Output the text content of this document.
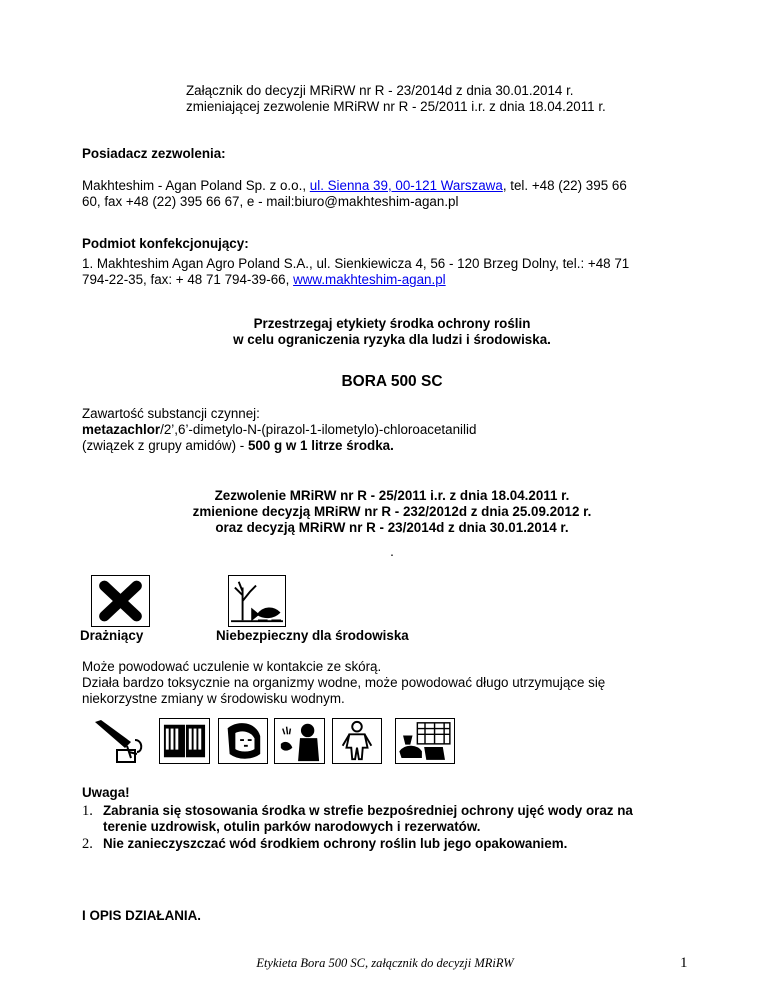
Załącznik do decyzji MRiRW nr R - 23/2014d z dnia 30.01.2014 r.
zmieniającej zezwolenie MRiRW nr R - 25/2011 i.r. z dnia 18.04.2011 r.
Posiadacz zezwolenia:
Makhteshim - Agan Poland Sp. z o.o., ul. Sienna 39, 00-121 Warszawa, tel. +48 (22) 395 66
60, fax +48 (22) 395 66 67, e - mail:biuro@makhteshim-agan.pl
Podmiot konfekcjonujący:
1. Makhteshim Agan Agro Poland S.A., ul. Sienkiewicza 4, 56 - 120 Brzeg Dolny, tel.: +48 71
794-22-35, fax: + 48 71 794-39-66, www.makhteshim-agan.pl
Przestrzegaj etykiety środka ochrony roślin
w celu ograniczenia ryzyka dla ludzi i środowiska.
BORA 500 SC
Zawartość substancji czynnej:
metazachlor/2’,6’-dimetylo-N-(pirazol-1-ilometylo)-chloroacetanilid
(związek z grupy amidów) - 500 g w 1 litrze środka.
Zezwolenie MRiRW nr R - 25/2011 i.r. z dnia 18.04.2011 r.
zmienione decyzją MRiRW nr R - 232/2012d z dnia 25.09.2012 r.
oraz decyzją MRiRW nr R - 23/2014d z dnia 30.01.2014 r.
.
Drażniący	Niebezpieczny dla środowiska
Może powodować uczulenie w kontakcie ze skórą.
Działa bardzo toksycznie na organizmy wodne, może powodować długo utrzymujące się
niekorzystne zmiany w środowisku wodnym.
Uwaga!
1. Zabrania się stosowania środka w strefie bezpośredniej ochrony ujęć wody oraz na
terenie uzdrowisk, otulin parków narodowych i rezerwatów.
2. Nie zanieczyszczać wód środkiem ochrony roślin lub jego opakowaniem.
I OPIS DZIAŁANIA.
Etykieta Bora 500 SC, załącznik do decyzji MRiRW	1
